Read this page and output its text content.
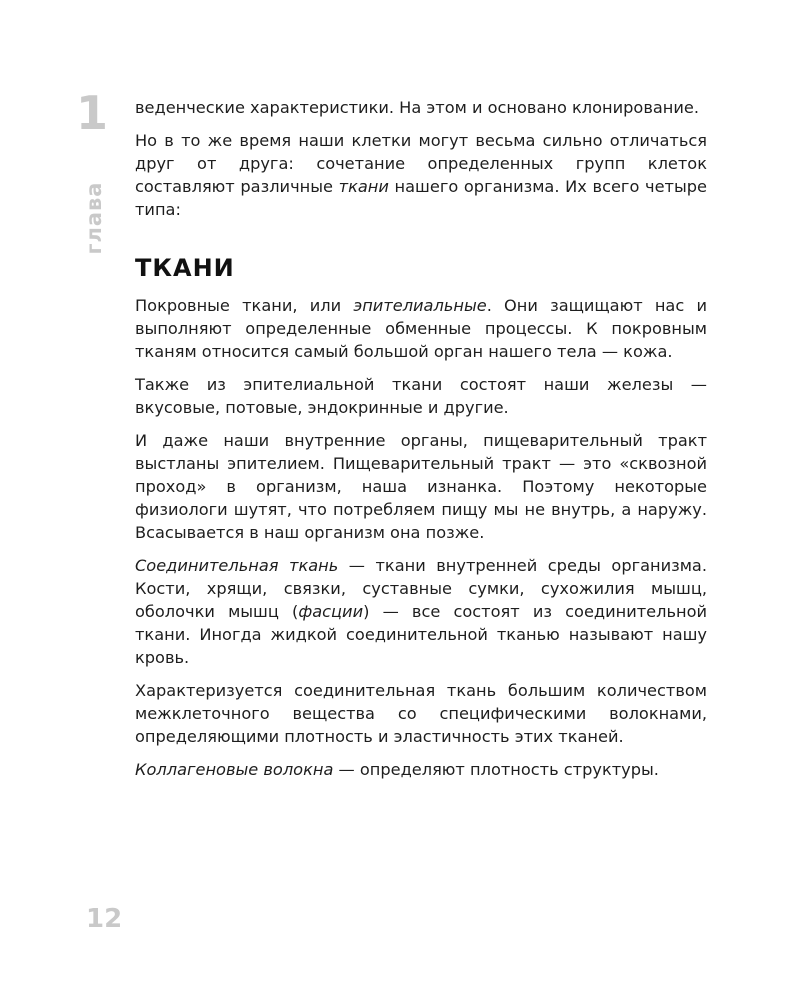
1
глава

веденческие характеристики. На этом и основано клонирование.

Но в то же время наши клетки могут весьма сильно отличаться друг от друга: сочетание определенных групп клеток составляют различные ткани нашего организма. Их всего четыре типа:

ТКАНИ

Покровные ткани, или эпителиальные. Они защищают нас и выполняют определенные обменные процессы. К покровным тканям относится самый большой орган нашего тела — кожа.

Также из эпителиальной ткани состоят наши железы — вкусовые, потовые, эндокринные и другие.

И даже наши внутренние органы, пищеварительный тракт выстланы эпителием. Пищеварительный тракт — это «сквозной проход» в организм, наша изнанка. Поэтому некоторые физиологи шутят, что потребляем пищу мы не внутрь, а наружу. Всасывается в наш организм она позже.

Соединительная ткань — ткани внутренней среды организма. Кости, хрящи, связки, суставные сумки, сухожилия мышц, оболочки мышц (фасции) — все состоят из соединительной ткани. Иногда жидкой соединительной тканью называют нашу кровь.

Характеризуется соединительная ткань большим количеством межклеточного вещества со специфическими волокнами, определяющими плотность и эластичность этих тканей.

Коллагеновые волокна — определяют плотность структуры.

12
